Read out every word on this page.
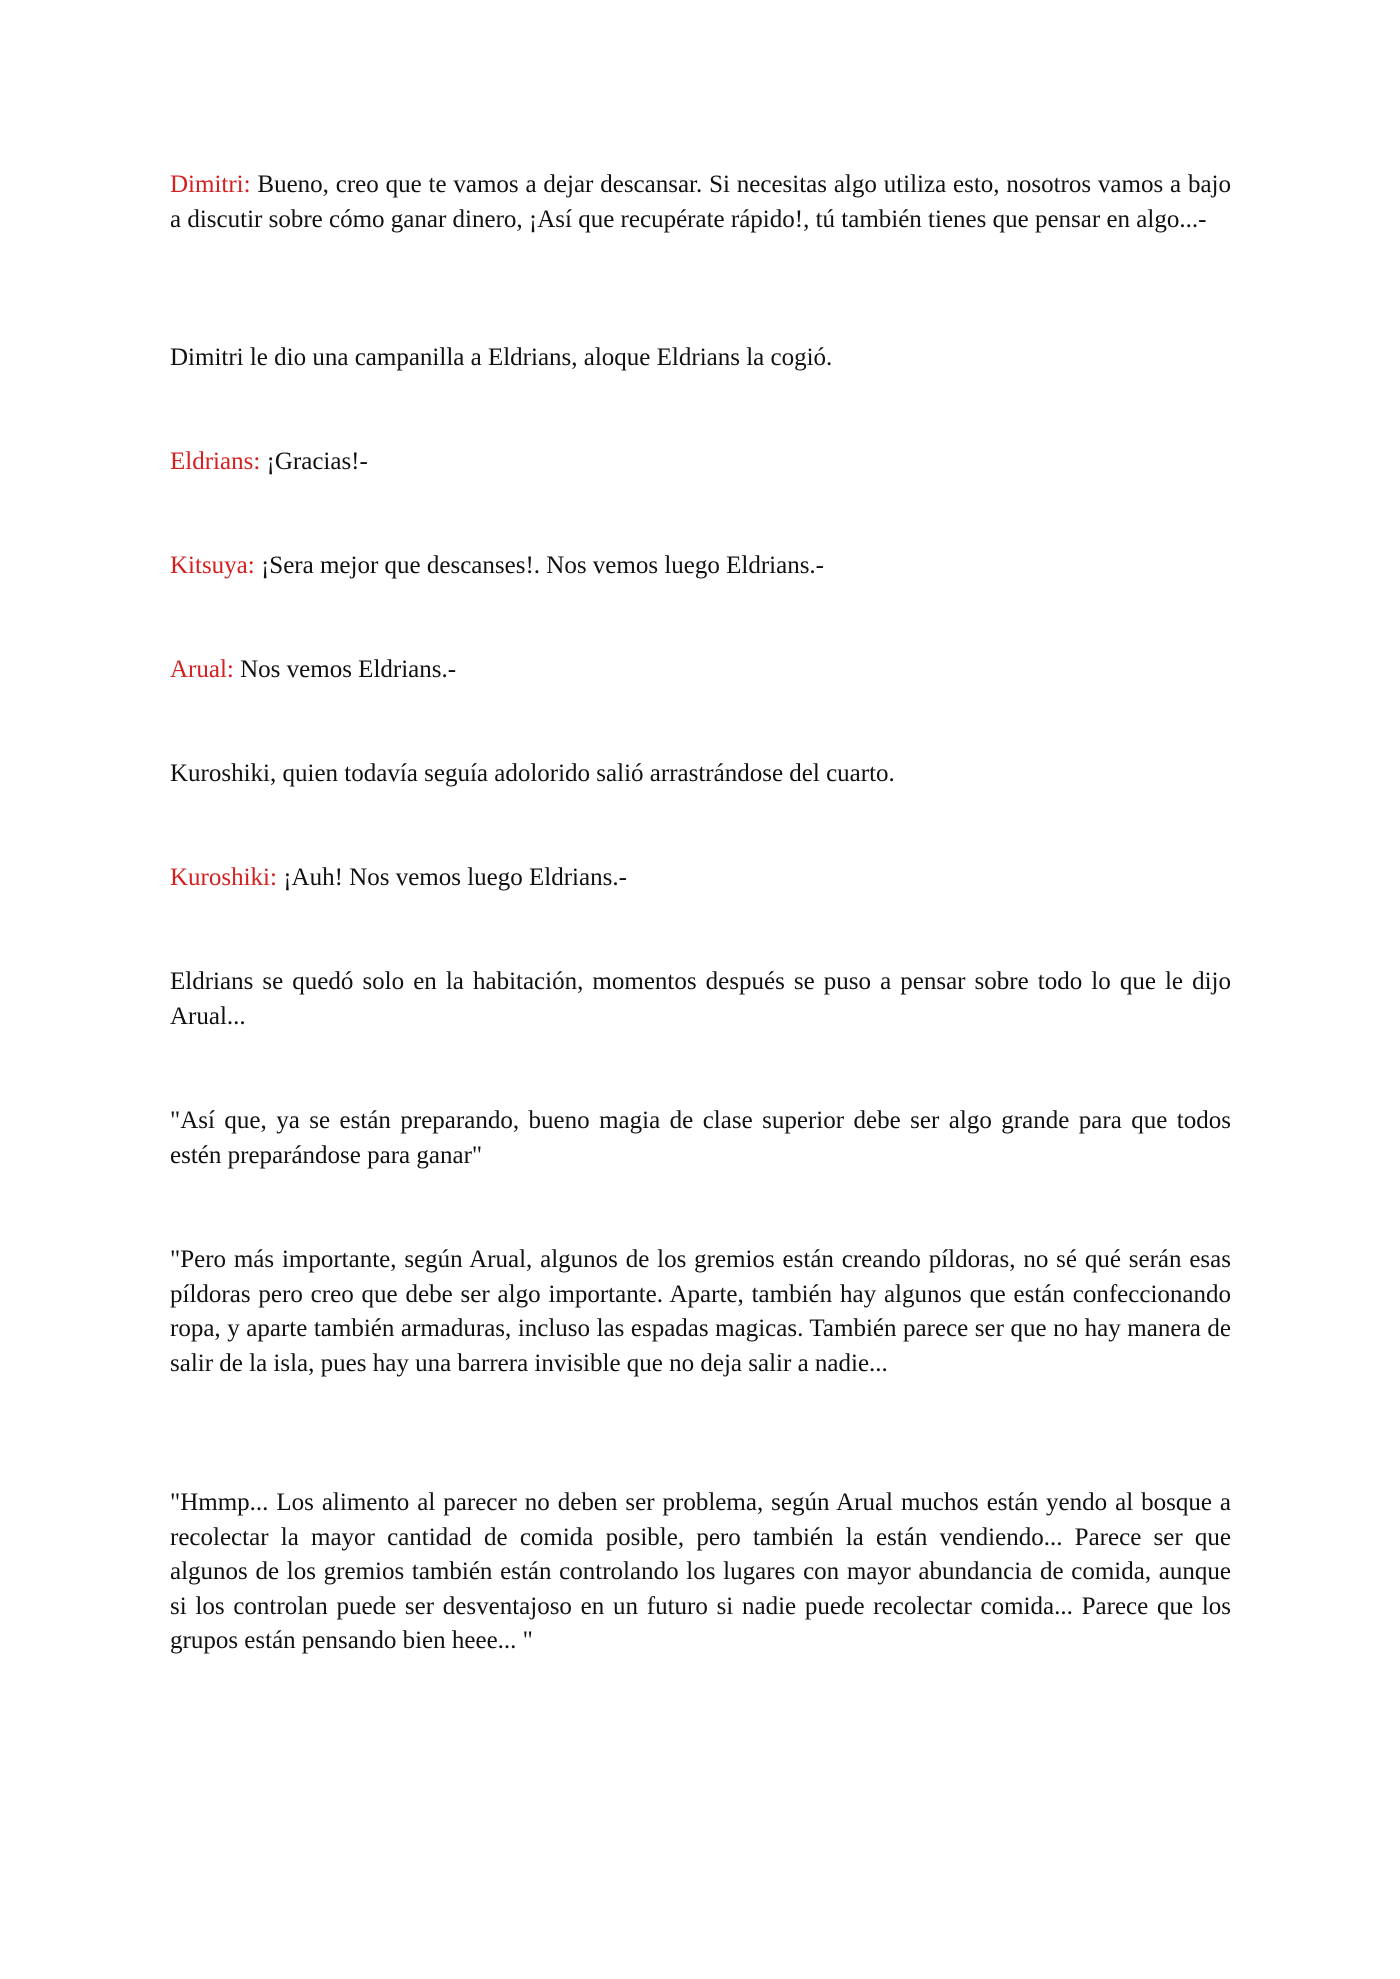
Dimitri: Bueno, creo que te vamos a dejar descansar. Si necesitas algo utiliza esto, nosotros vamos a bajo a discutir sobre cómo ganar dinero, ¡Así que recupérate rápido!, tú también tienes que pensar en algo...-

Dimitri le dio una campanilla a Eldrians, aloque Eldrians la cogió.

Eldrians: ¡Gracias!-

Kitsuya: ¡Sera mejor que descanses!. Nos vemos luego Eldrians.-

Arual: Nos vemos Eldrians.-

Kuroshiki, quien todavía seguía adolorido salió arrastrándose del cuarto.

Kuroshiki: ¡Auh! Nos vemos luego Eldrians.-

Eldrians se quedó solo en la habitación, momentos después se puso a pensar sobre todo lo que le dijo Arual...

"Así que, ya se están preparando, bueno magia de clase superior debe ser algo grande para que todos estén preparándose para ganar"

"Pero más importante, según Arual, algunos de los gremios están creando píldoras, no sé qué serán esas píldoras pero creo que debe ser algo importante. Aparte, también hay algunos que están confeccionando ropa, y aparte también armaduras, incluso las espadas magicas. También parece ser que no hay manera de salir de la isla, pues hay una barrera invisible que no deja salir a nadie...

"Hmmp... Los alimento al parecer no deben ser problema, según Arual muchos están yendo al bosque a recolectar la mayor cantidad de comida posible, pero también la están vendiendo... Parece ser que algunos de los gremios también están controlando los lugares con mayor abundancia de comida, aunque si los controlan puede ser desventajoso en un futuro si nadie puede recolectar comida... Parece que los grupos están pensando bien heee... "
